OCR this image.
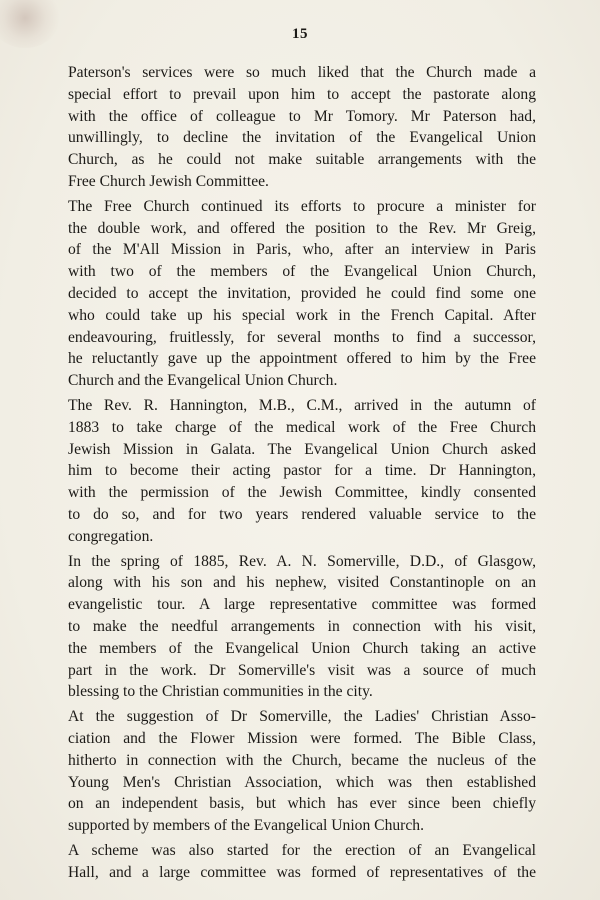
15

Paterson's services were so much liked that the Church made a
special effort to prevail upon him to accept the pastorate along
with the office of colleague to Mr Tomory. Mr Paterson had,
unwillingly, to decline the invitation of the Evangelical Union
Church, as he could not make suitable arrangements with the
Free Church Jewish Committee.

The Free Church continued its efforts to procure a minister for
the double work, and offered the position to the Rev. Mr Greig,
of the M'All Mission in Paris, who, after an interview in Paris
with two of the members of the Evangelical Union Church,
decided to accept the invitation, provided he could find some one
who could take up his special work in the French Capital. After
endeavouring, fruitlessly, for several months to find a successor,
he reluctantly gave up the appointment offered to him by the Free
Church and the Evangelical Union Church.

The Rev. R. Hannington, M.B., C.M., arrived in the autumn of
1883 to take charge of the medical work of the Free Church
Jewish Mission in Galata. The Evangelical Union Church asked
him to become their acting pastor for a time. Dr Hannington,
with the permission of the Jewish Committee, kindly consented
to do so, and for two years rendered valuable service to the
congregation.

In the spring of 1885, Rev. A. N. Somerville, D.D., of Glasgow,
along with his son and his nephew, visited Constantinople on an
evangelistic tour. A large representative committee was formed
to make the needful arrangements in connection with his visit,
the members of the Evangelical Union Church taking an active
part in the work. Dr Somerville's visit was a source of much
blessing to the Christian communities in the city.

At the suggestion of Dr Somerville, the Ladies' Christian Asso-
ciation and the Flower Mission were formed. The Bible Class,
hitherto in connection with the Church, became the nucleus of the
Young Men's Christian Association, which was then established
on an independent basis, but which has ever since been chiefly
supported by members of the Evangelical Union Church.

A scheme was also started for the erection of an Evangelical
Hall, and a large committee was formed of representatives of the
